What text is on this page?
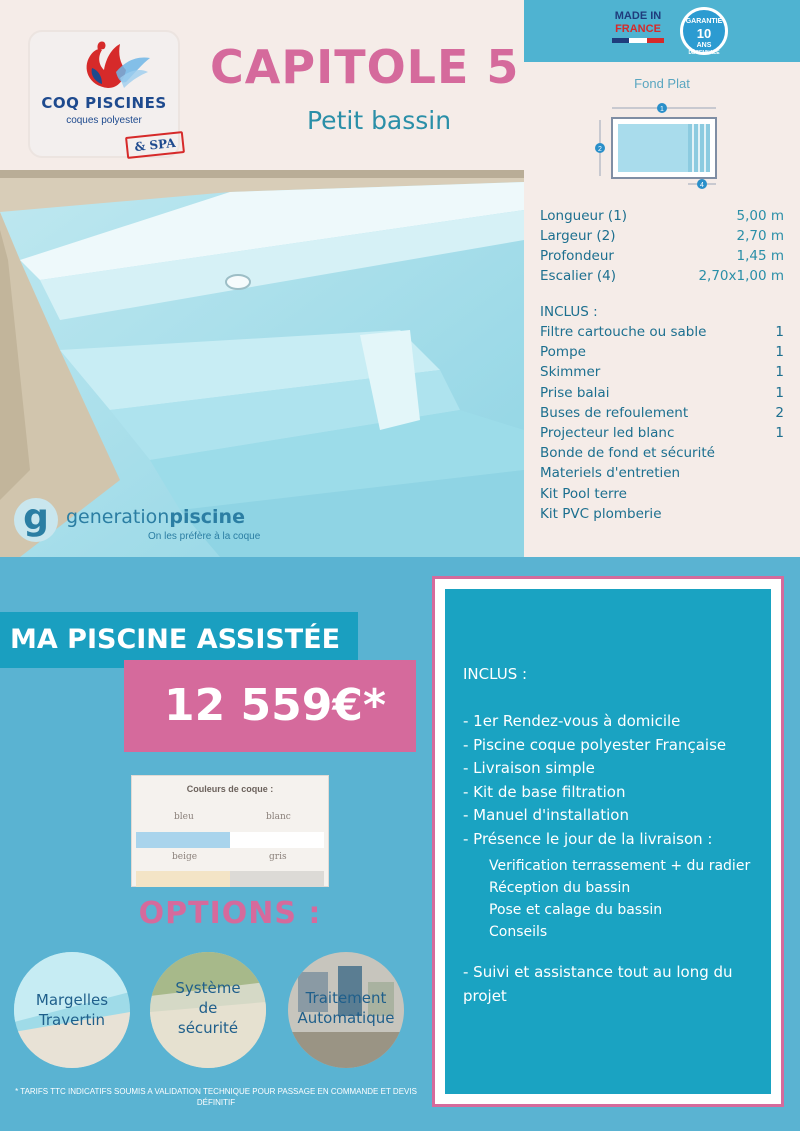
COQ PISCINES
coques polyester
& SPA
CAPITOLE 5
Petit bassin
g generationpiscine
On les préfère à la coque
MADE IN
FRANCE
GARANTIE
10
ANS
DÉCENNALE
Fond Plat
1
2
4
Longueur (1)	5,00 m
Largeur (2)	2,70 m
Profondeur	1,45 m
Escalier (4)	2,70x1,00 m
INCLUS :
Filtre cartouche ou sable	1
Pompe	1
Skimmer	1
Prise balai	1
Buses de refoulement	2
Projecteur led blanc	1
Bonde de fond et sécurité
Materiels d'entretien
Kit Pool terre
Kit PVC plomberie
MA PISCINE ASSISTÉE
12 559€*
Couleurs de coque :
bleu	blanc
beige	gris
OPTIONS :
Margelles
Travertin
Système
de
sécurité
Traitement
Automatique
* TARIFS TTC INDICATIFS SOUMIS A VALIDATION TECHNIQUE POUR PASSAGE EN COMMANDE ET DEVIS DÉFINITIF
INCLUS :
- 1er Rendez-vous à domicile
- Piscine coque polyester Française
- Livraison simple
- Kit de base filtration
- Manuel d'installation
- Présence le jour de la livraison :
Verification terrassement + du radier
Réception du bassin
Pose et calage du bassin
Conseils
- Suivi et assistance tout au long du projet
